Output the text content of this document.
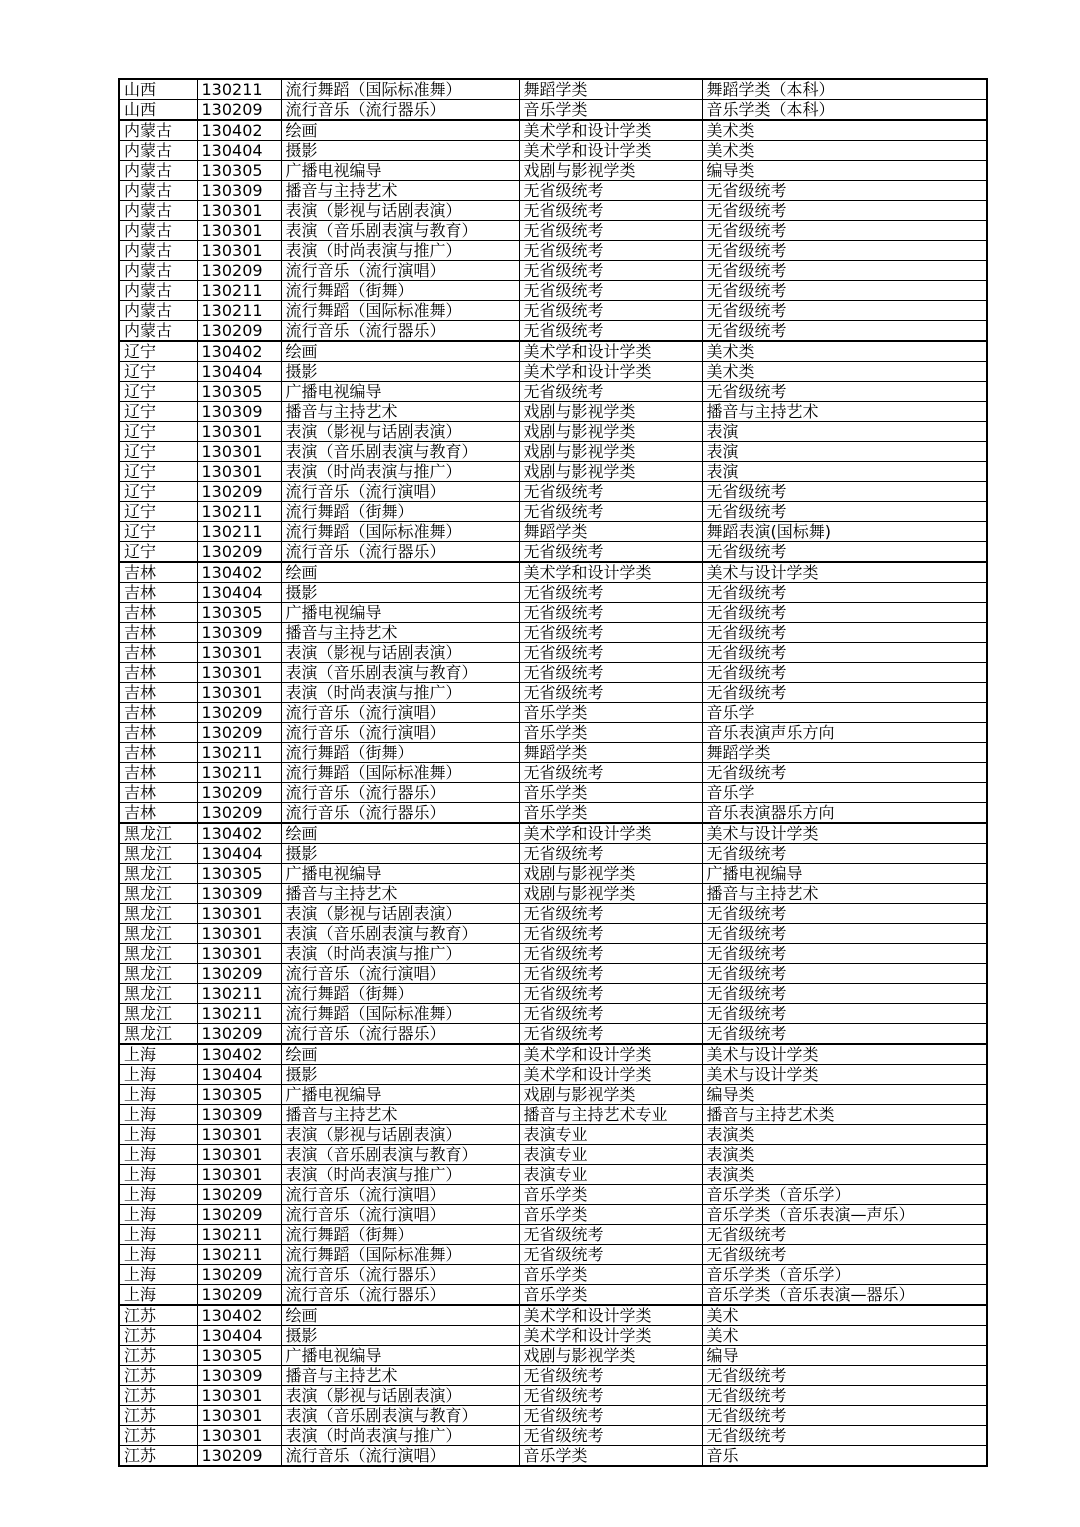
山西	130211	流行舞蹈（国际标准舞）	舞蹈学类	舞蹈学类（本科）
山西	130209	流行音乐（流行器乐）	音乐学类	音乐学类（本科）
内蒙古	130402	绘画	美术学和设计学类	美术类
内蒙古	130404	摄影	美术学和设计学类	美术类
内蒙古	130305	广播电视编导	戏剧与影视学类	编导类
内蒙古	130309	播音与主持艺术	无省级统考	无省级统考
内蒙古	130301	表演（影视与话剧表演）	无省级统考	无省级统考
内蒙古	130301	表演（音乐剧表演与教育）	无省级统考	无省级统考
内蒙古	130301	表演（时尚表演与推广）	无省级统考	无省级统考
内蒙古	130209	流行音乐（流行演唱）	无省级统考	无省级统考
内蒙古	130211	流行舞蹈（街舞）	无省级统考	无省级统考
内蒙古	130211	流行舞蹈（国际标准舞）	无省级统考	无省级统考
内蒙古	130209	流行音乐（流行器乐）	无省级统考	无省级统考
辽宁	130402	绘画	美术学和设计学类	美术类
辽宁	130404	摄影	美术学和设计学类	美术类
辽宁	130305	广播电视编导	无省级统考	无省级统考
辽宁	130309	播音与主持艺术	戏剧与影视学类	播音与主持艺术
辽宁	130301	表演（影视与话剧表演）	戏剧与影视学类	表演
辽宁	130301	表演（音乐剧表演与教育）	戏剧与影视学类	表演
辽宁	130301	表演（时尚表演与推广）	戏剧与影视学类	表演
辽宁	130209	流行音乐（流行演唱）	无省级统考	无省级统考
辽宁	130211	流行舞蹈（街舞）	无省级统考	无省级统考
辽宁	130211	流行舞蹈（国际标准舞）	舞蹈学类	舞蹈表演(国标舞)
辽宁	130209	流行音乐（流行器乐）	无省级统考	无省级统考
吉林	130402	绘画	美术学和设计学类	美术与设计学类
吉林	130404	摄影	无省级统考	无省级统考
吉林	130305	广播电视编导	无省级统考	无省级统考
吉林	130309	播音与主持艺术	无省级统考	无省级统考
吉林	130301	表演（影视与话剧表演）	无省级统考	无省级统考
吉林	130301	表演（音乐剧表演与教育）	无省级统考	无省级统考
吉林	130301	表演（时尚表演与推广）	无省级统考	无省级统考
吉林	130209	流行音乐（流行演唱）	音乐学类	音乐学
吉林	130209	流行音乐（流行演唱）	音乐学类	音乐表演声乐方向
吉林	130211	流行舞蹈（街舞）	舞蹈学类	舞蹈学类
吉林	130211	流行舞蹈（国际标准舞）	无省级统考	无省级统考
吉林	130209	流行音乐（流行器乐）	音乐学类	音乐学
吉林	130209	流行音乐（流行器乐）	音乐学类	音乐表演器乐方向
黑龙江	130402	绘画	美术学和设计学类	美术与设计学类
黑龙江	130404	摄影	无省级统考	无省级统考
黑龙江	130305	广播电视编导	戏剧与影视学类	广播电视编导
黑龙江	130309	播音与主持艺术	戏剧与影视学类	播音与主持艺术
黑龙江	130301	表演（影视与话剧表演）	无省级统考	无省级统考
黑龙江	130301	表演（音乐剧表演与教育）	无省级统考	无省级统考
黑龙江	130301	表演（时尚表演与推广）	无省级统考	无省级统考
黑龙江	130209	流行音乐（流行演唱）	无省级统考	无省级统考
黑龙江	130211	流行舞蹈（街舞）	无省级统考	无省级统考
黑龙江	130211	流行舞蹈（国际标准舞）	无省级统考	无省级统考
黑龙江	130209	流行音乐（流行器乐）	无省级统考	无省级统考
上海	130402	绘画	美术学和设计学类	美术与设计学类
上海	130404	摄影	美术学和设计学类	美术与设计学类
上海	130305	广播电视编导	戏剧与影视学类	编导类
上海	130309	播音与主持艺术	播音与主持艺术专业	播音与主持艺术类
上海	130301	表演（影视与话剧表演）	表演专业	表演类
上海	130301	表演（音乐剧表演与教育）	表演专业	表演类
上海	130301	表演（时尚表演与推广）	表演专业	表演类
上海	130209	流行音乐（流行演唱）	音乐学类	音乐学类（音乐学）
上海	130209	流行音乐（流行演唱）	音乐学类	音乐学类（音乐表演—声乐）
上海	130211	流行舞蹈（街舞）	无省级统考	无省级统考
上海	130211	流行舞蹈（国际标准舞）	无省级统考	无省级统考
上海	130209	流行音乐（流行器乐）	音乐学类	音乐学类（音乐学）
上海	130209	流行音乐（流行器乐）	音乐学类	音乐学类（音乐表演—器乐）
江苏	130402	绘画	美术学和设计学类	美术
江苏	130404	摄影	美术学和设计学类	美术
江苏	130305	广播电视编导	戏剧与影视学类	编导
江苏	130309	播音与主持艺术	无省级统考	无省级统考
江苏	130301	表演（影视与话剧表演）	无省级统考	无省级统考
江苏	130301	表演（音乐剧表演与教育）	无省级统考	无省级统考
江苏	130301	表演（时尚表演与推广）	无省级统考	无省级统考
江苏	130209	流行音乐（流行演唱）	音乐学类	音乐
